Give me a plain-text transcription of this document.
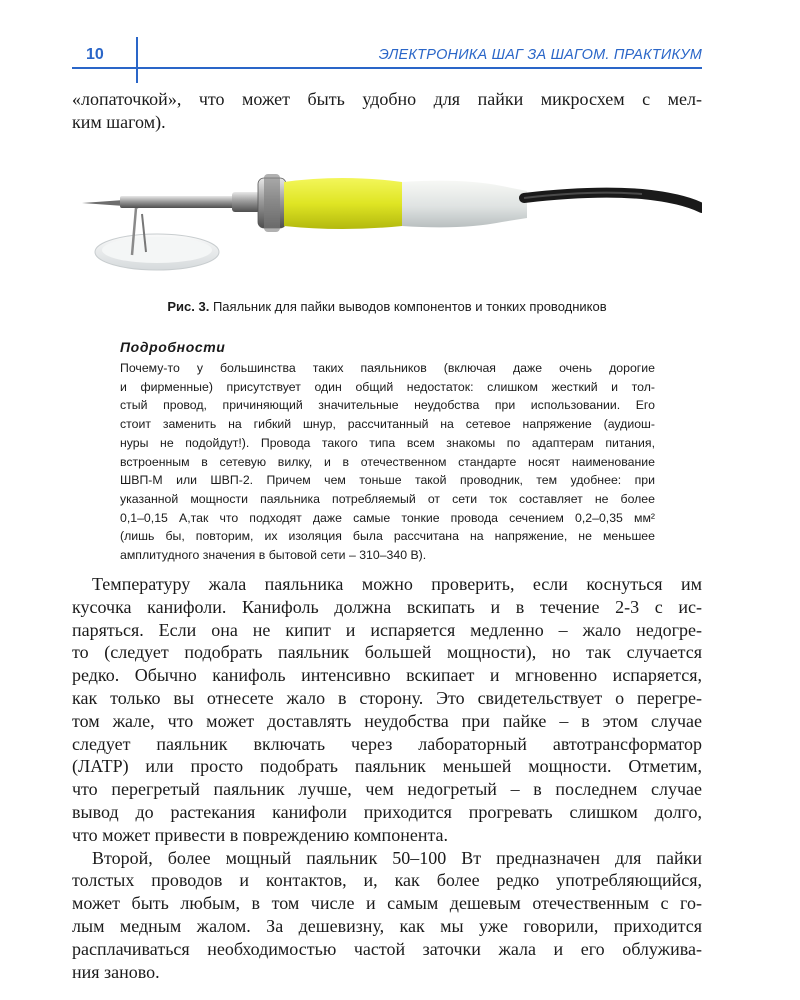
10	ЭЛЕКТРОНИКА ШАГ ЗА ШАГОМ. ПРАКТИКУМ
«лопаточкой», что может быть удобно для пайки микросхем с мел-
ким шагом).
Рис. 3. Паяльник для пайки выводов компонентов и тонких проводников
Подробности
Почему-то у большинства таких паяльников (включая даже очень дорогие
и фирменные) присутствует один общий недостаток: слишком жесткий и тол-
стый провод, причиняющий значительные неудобства при использовании. Его
стоит заменить на гибкий шнур, рассчитанный на сетевое напряжение (аудиош-
нуры не подойдут!). Провода такого типа всем знакомы по адаптерам питания,
встроенным в сетевую вилку, и в отечественном стандарте носят наименование
ШВП-М или ШВП-2. Причем чем тоньше такой проводник, тем удобнее: при
указанной мощности паяльника потребляемый от сети ток составляет не более
0,1–0,15 А,так что подходят даже самые тонкие провода сечением 0,2–0,35 мм²
(лишь бы, повторим, их изоляция была рассчитана на напряжение, не меньшее
амплитудного значения в бытовой сети – 310–340 В).
Температуру жала паяльника можно проверить, если коснуться им
кусочка канифоли. Канифоль должна вскипать и в течение 2-3 с ис-
паряться. Если она не кипит и испаряется медленно – жало недогре-
то (следует подобрать паяльник большей мощности), но так случается
редко. Обычно канифоль интенсивно вскипает и мгновенно испаряется,
как только вы отнесете жало в сторону. Это свидетельствует о перегре-
том жале, что может доставлять неудобства при пайке – в этом случае
следует паяльник включать через лабораторный автотрансформатор
(ЛАТР) или просто подобрать паяльник меньшей мощности. Отметим,
что перегретый паяльник лучше, чем недогретый – в последнем случае
вывод до растекания канифоли приходится прогревать слишком долго,
что может привести в повреждению компонента.
Второй, более мощный паяльник 50–100 Вт предназначен для пайки
толстых проводов и контактов, и, как более редко употребляющийся,
может быть любым, в том числе и самым дешевым отечественным с го-
лым медным жалом. За дешевизну, как мы уже говорили, приходится
расплачиваться необходимостью частой заточки жала и его облужива-
ния заново.
